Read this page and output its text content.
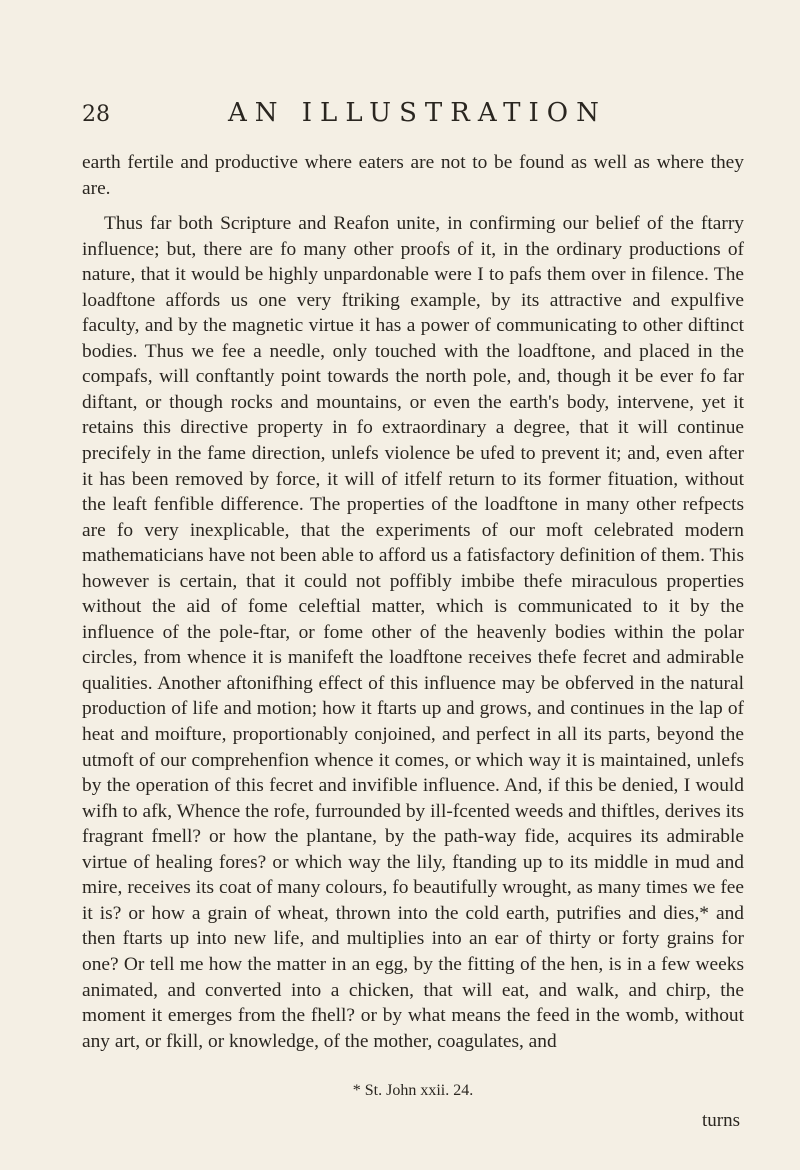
28	AN ILLUSTRATION

earth fertile and productive where eaters are not to be found as well as where they are.

Thus far both Scripture and Reafon unite, in confirming our belief of the ftarry influence; but, there are fo many other proofs of it, in the ordinary productions of nature, that it would be highly unpardonable were I to pafs them over in filence. The loadftone affords us one very ftriking example, by its attractive and expulfive faculty, and by the magnetic virtue it has a power of communicating to other diftinct bodies. Thus we fee a needle, only touched with the loadftone, and placed in the compafs, will conftantly point towards the north pole, and, though it be ever fo far diftant, or though rocks and mountains, or even the earth's body, intervene, yet it retains this directive property in fo extraordinary a degree, that it will continue precifely in the fame direction, unlefs violence be ufed to prevent it; and, even after it has been removed by force, it will of itfelf return to its former fituation, without the leaft fenfible difference. The properties of the loadftone in many other refpects are fo very inexplicable, that the experiments of our moft celebrated modern mathematicians have not been able to afford us a fatisfactory definition of them. This however is certain, that it could not poffibly imbibe thefe miraculous properties without the aid of fome celeftial matter, which is communicated to it by the influence of the pole-ftar, or fome other of the heavenly bodies within the polar circles, from whence it is manifeft the loadftone receives thefe fecret and admirable qualities. Another aftonifhing effect of this influence may be obferved in the natural production of life and motion; how it ftarts up and grows, and continues in the lap of heat and moifture, proportionably conjoined, and perfect in all its parts, beyond the utmoft of our comprehenfion whence it comes, or which way it is maintained, unlefs by the operation of this fecret and invifible influence. And, if this be denied, I would wifh to afk, Whence the rofe, furrounded by ill-fcented weeds and thiftles, derives its fragrant fmell? or how the plantane, by the path-way fide, acquires its admirable virtue of healing fores? or which way the lily, ftanding up to its middle in mud and mire, receives its coat of many colours, fo beautifully wrought, as many times we fee it is? or how a grain of wheat, thrown into the cold earth, putrifies and dies,* and then ftarts up into new life, and multiplies into an ear of thirty or forty grains for one? Or tell me how the matter in an egg, by the fitting of the hen, is in a few weeks animated, and converted into a chicken, that will eat, and walk, and chirp, the moment it emerges from the fhell? or by what means the feed in the womb, without any art, or fkill, or knowledge, of the mother, coagulates, and

* St. John xxii. 24.
turns
